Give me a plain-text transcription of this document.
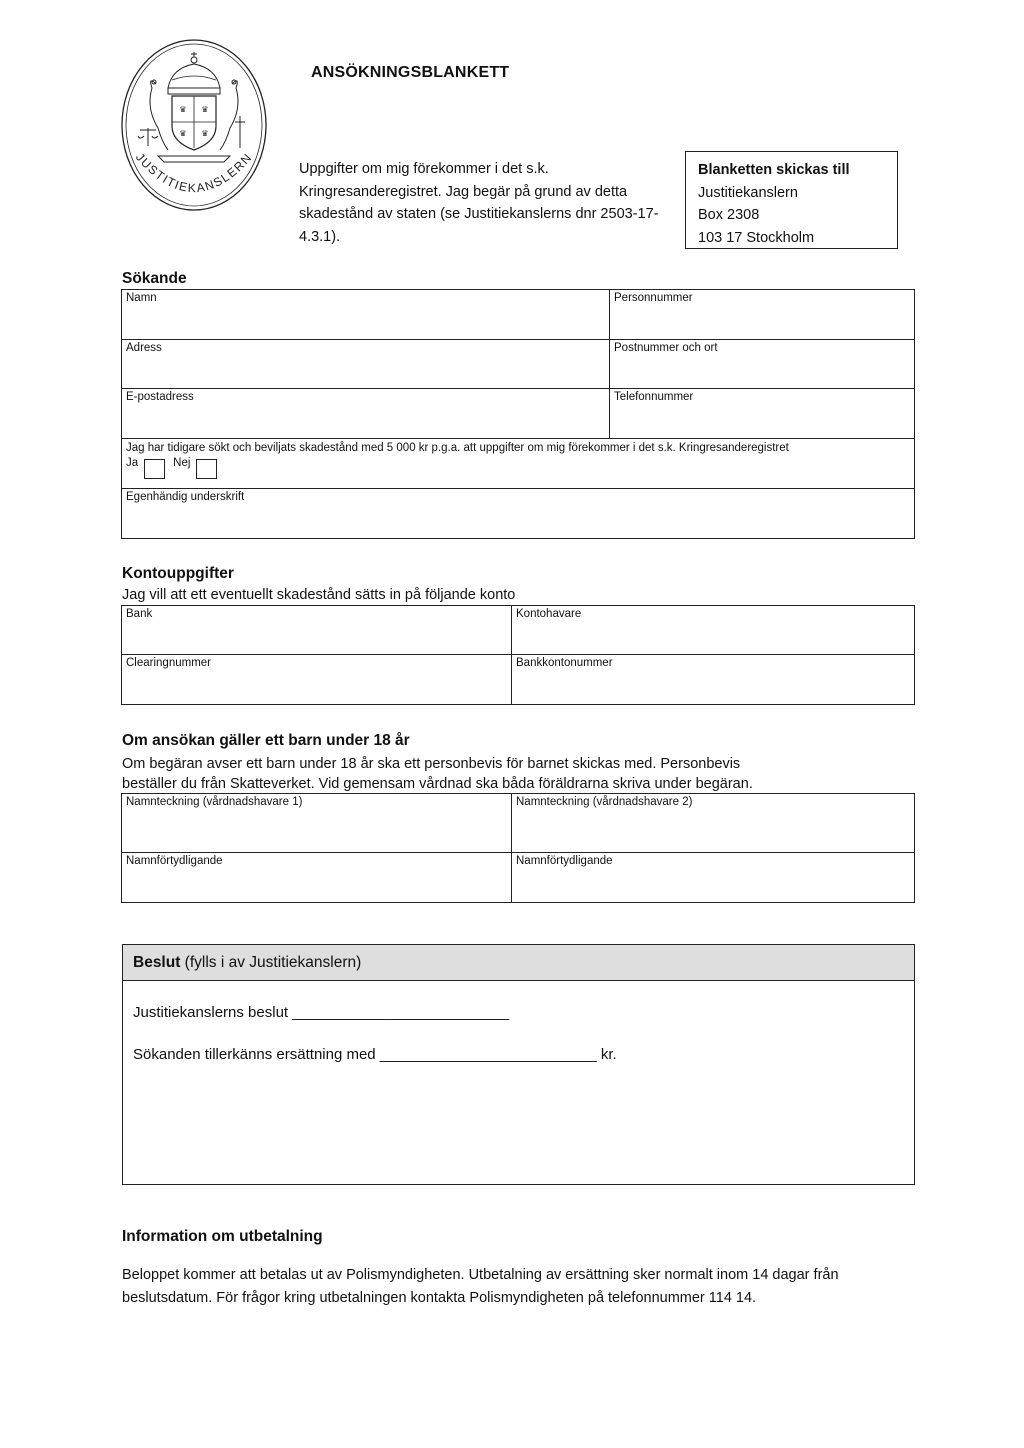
♛ ♛
♛ ♛
JUSTITIEKANSLERN
ANSÖKNINGSBLANKETT
Uppgifter om mig förekommer i det s.k. Kringresanderegistret. Jag begär på grund av detta skadestånd av staten (se Justitiekanslerns dnr 2503-17-4.3.1).
Blanketten skickas till
Justitiekanslern
Box 2308
103 17 Stockholm
Sökande
Namn	Personnummer
Adress	Postnummer och ort
E-postadress	Telefonnummer

Jag har tidigare sökt och beviljats skadestånd med 5 000 kr p.g.a. att uppgifter om mig förekommer i det s.k. Kringresanderegistret
Ja Nej	

Egenhändig underskrift	
Kontouppgifter
Jag vill att ett eventuellt skadestånd sätts in på följande konto
Bank	Kontohavare
Clearingnummer	Bankkontonummer
Om ansökan gäller ett barn under 18 år
Om begäran avser ett barn under 18 år ska ett personbevis för barnet skickas med. Personbevis
beställer du från Skatteverket. Vid gemensam vårdnad ska båda föräldrarna skriva under begäran.
Namnteckning (vårdnadshavare 1)	Namnteckning (vårdnadshavare 2)
Namnförtydligande	Namnförtydligande
Beslut (fylls i av Justitiekanslern)
Justitiekanslerns beslut __________________________
Sökanden tillerkänns ersättning med __________________________ kr.
Information om utbetalning
Beloppet kommer att betalas ut av Polismyndigheten. Utbetalning av ersättning sker normalt inom 14 dagar från beslutsdatum. För frågor kring utbetalningen kontakta Polismyndigheten på telefonnummer 114 14.
